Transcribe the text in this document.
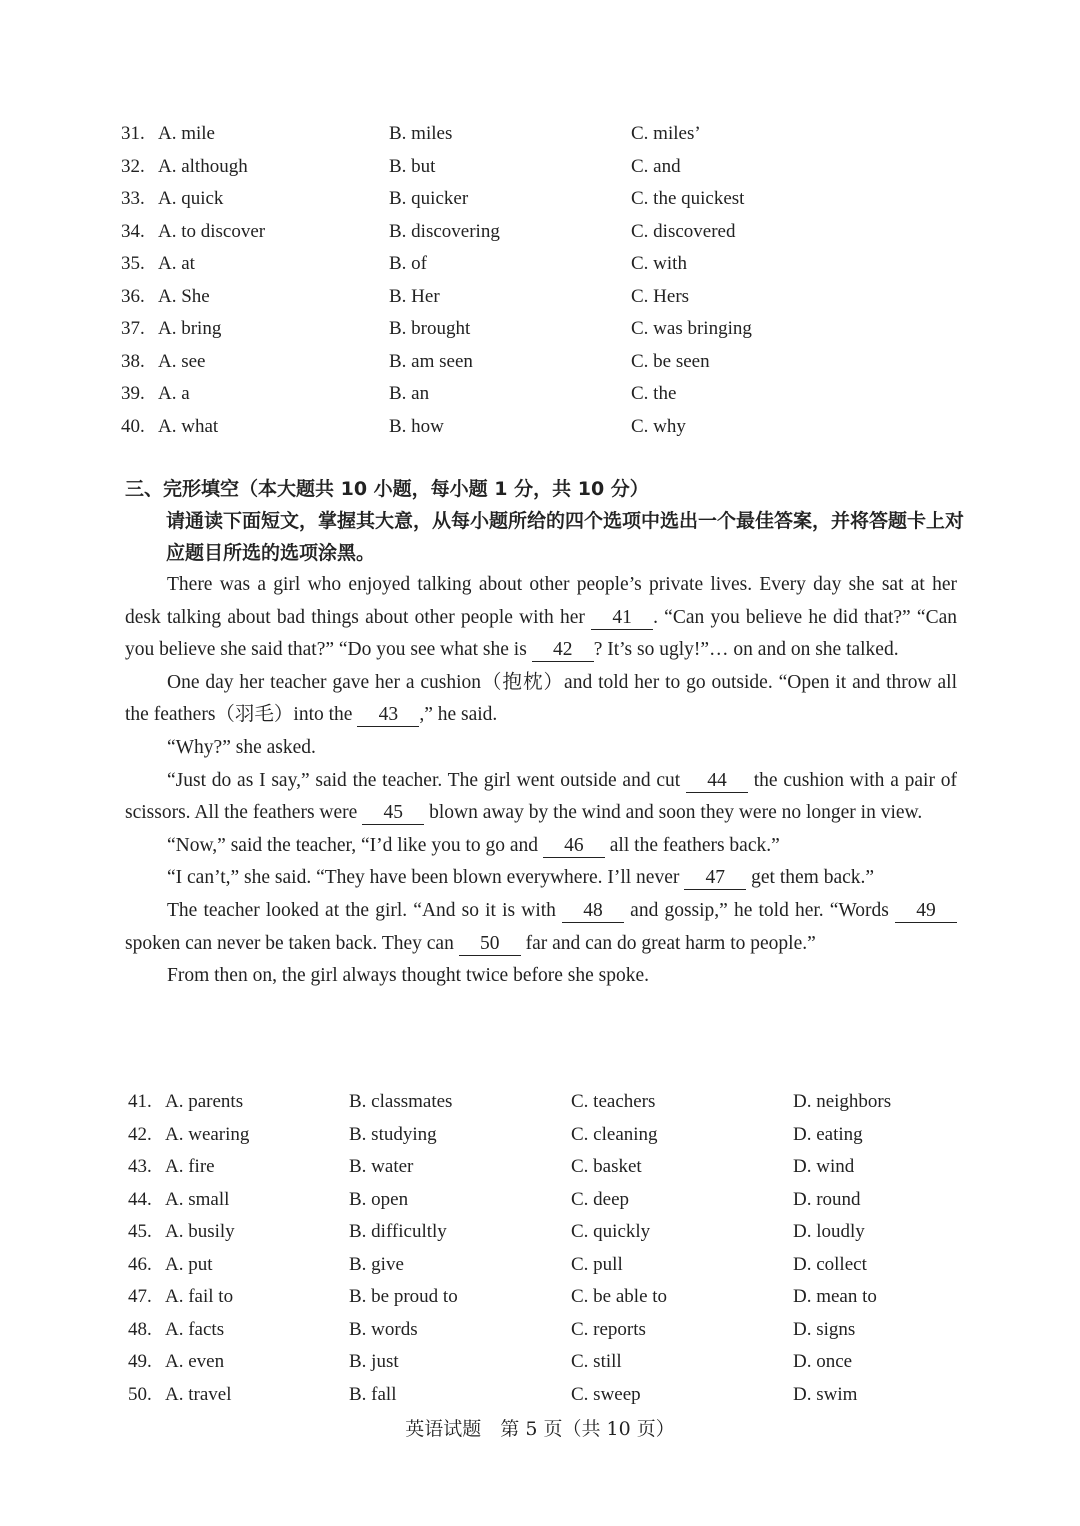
31. A. mile	B. miles	C. miles’
32. A. although	B. but	C. and
33. A. quick	B. quicker	C. the quickest
34. A. to discover	B. discovering	C. discovered
35. A. at	B. of	C. with
36. A. She	B. Her	C. Hers
37. A. bring	B. brought	C. was bringing
38. A. see	B. am seen	C. be seen
39. A. a	B. an	C. the
40. A. what	B. how	C. why
三、完形填空（本大题共 10 小题，每小题 1 分，共 10 分）
请通读下面短文，掌握其大意，从每小题所给的四个选项中选出一个最佳答案，并将答题卡上对应题目所选的选项涂黑。

There was a girl who enjoyed talking about other people’s private lives. Every day she sat at her desk talking about bad things about other people with her 41 . “Can you believe he did that?” “Can you believe she said that?” “Do you see what she is 42 ? It’s so ugly!”… on and on she talked.

One day her teacher gave her a cushion（抱枕）and told her to go outside. “Open it and throw all the feathers（羽毛）into the 43 ,” he said.

“Why?” she asked.

“Just do as I say,” said the teacher. The girl went outside and cut 44 the cushion with a pair of scissors. All the feathers were 45 blown away by the wind and soon they were no longer in view.

“Now,” said the teacher, “I’d like you to go and 46 all the feathers back.”

“I can’t,” she said. “They have been blown everywhere. I’ll never 47 get them back.”

The teacher looked at the girl. “And so it is with 48 and gossip,” he told her. “Words 49 spoken can never be taken back. They can 50 far and can do great harm to people.”

From then on, the girl always thought twice before she spoke.

41. A. parents	B. classmates	C. teachers	D. neighbors
42. A. wearing	B. studying	C. cleaning	D. eating
43. A. fire	B. water	C. basket	D. wind
44. A. small	B. open	C. deep	D. round
45. A. busily	B. difficultly	C. quickly	D. loudly
46. A. put	B. give	C. pull	D. collect
47. A. fail to	B. be proud to	C. be able to	D. mean to
48. A. facts	B. words	C. reports	D. signs
49. A. even	B. just	C. still	D. once
50. A. travel	B. fall	C. sweep	D. swim
英语试题　第 5 页（共 10 页）
